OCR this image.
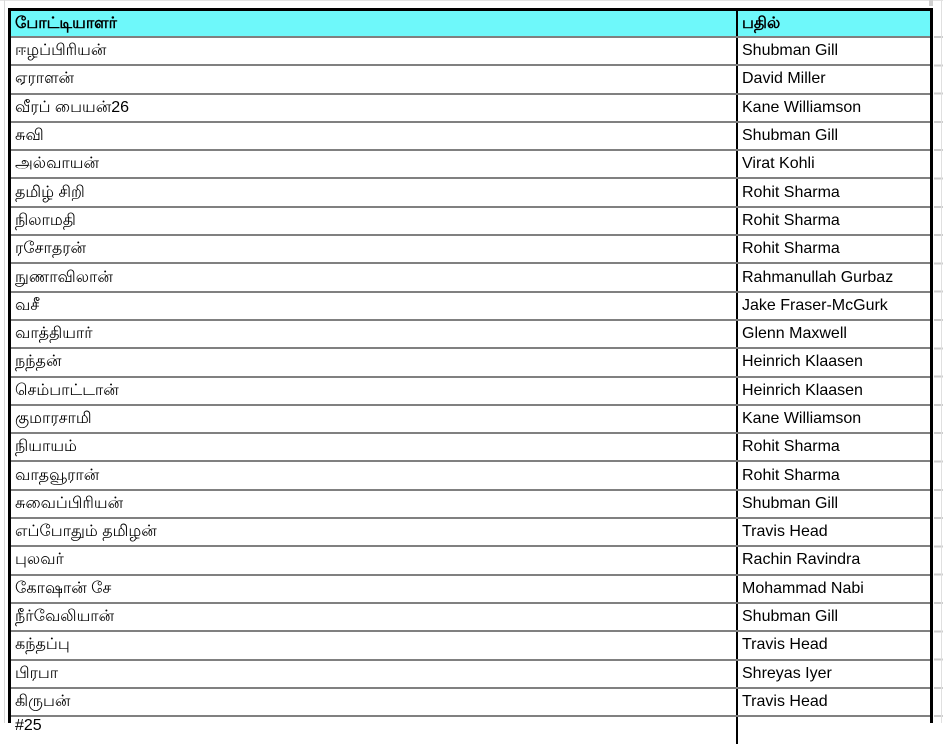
போட்டியாளர்	பதில்
ஈழப்பிரியன்	Shubman Gill
ஏராளன்	David Miller
வீரப் பையன்26	Kane Williamson
சுவி	Shubman Gill
அல்வாயன்	Virat Kohli
தமிழ் சிறி	Rohit Sharma
நிலாமதி	Rohit Sharma
ரசோதரன்	Rohit Sharma
நுணாவிலான்	Rahmanullah Gurbaz
வசீ	Jake Fraser-McGurk
வாத்தியார்	Glenn Maxwell
நந்தன்	Heinrich Klaasen
செம்பாட்டான்	Heinrich Klaasen
குமாரசாமி	Kane Williamson
நியாயம்	Rohit Sharma
வாதவூரான்	Rohit Sharma
சுவைப்பிரியன்	Shubman Gill
எப்போதும் தமிழன்	Travis Head
புலவர்	Rachin Ravindra
கோஷான் சே	Mohammad Nabi
நீர்வேலியான்	Shubman Gill
கந்தப்பு	Travis Head
பிரபா	Shreyas Iyer
கிருபன்	Travis Head
#25	
